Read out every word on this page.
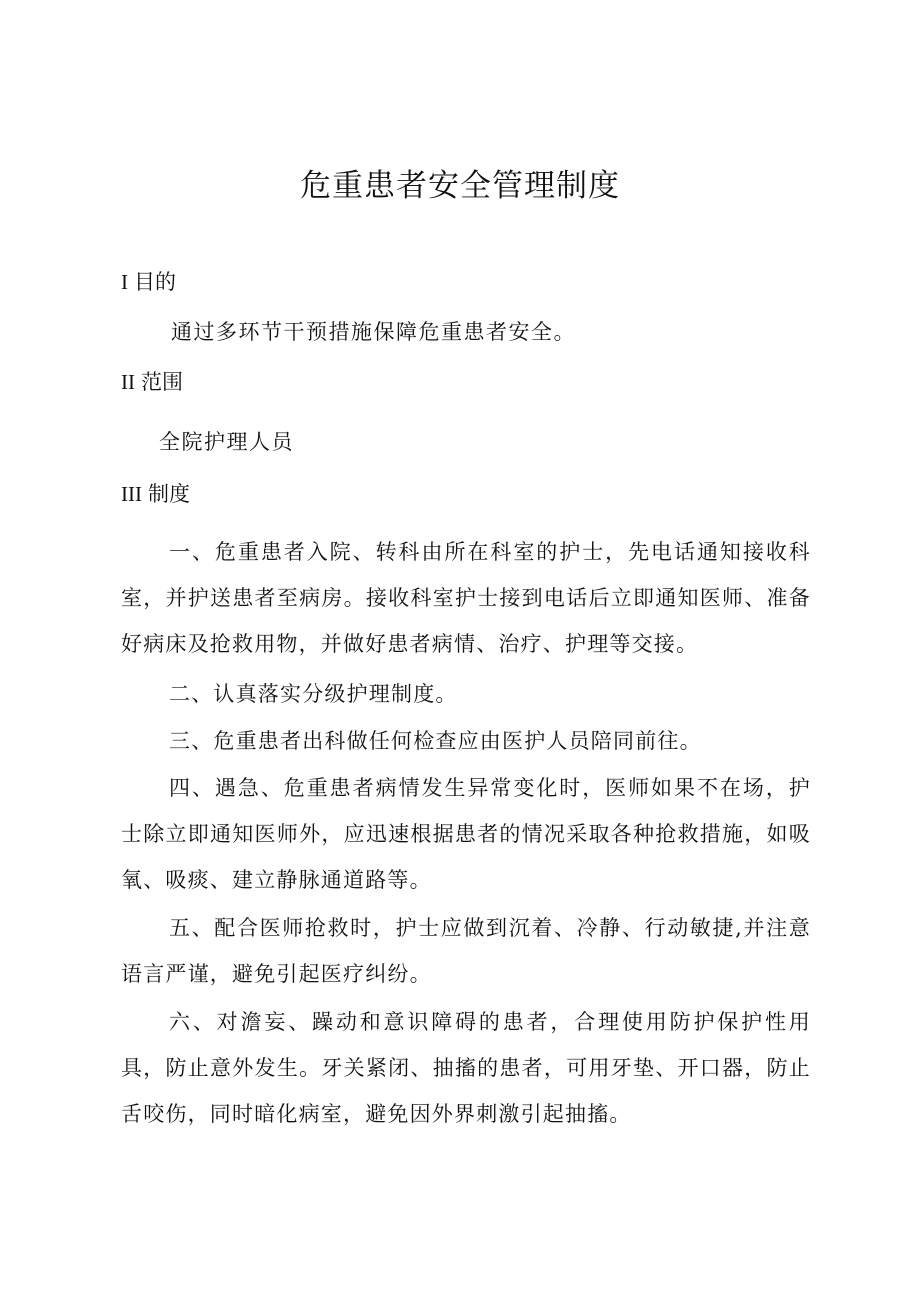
危重患者安全管理制度
I 目的

通过多环节干预措施保障危重患者安全。

II 范围

全院护理人员

III 制度

一、危重患者入院、转科由所在科室的护士，先电话通知接收科室，并护送患者至病房。接收科室护士接到电话后立即通知医师、准备好病床及抢救用物，并做好患者病情、治疗、护理等交接。

二、认真落实分级护理制度。

三、危重患者出科做任何检查应由医护人员陪同前往。

四、遇急、危重患者病情发生异常变化时，医师如果不在场，护士除立即通知医师外，应迅速根据患者的情况采取各种抢救措施，如吸氧、吸痰、建立静脉通道路等。

五、配合医师抢救时，护士应做到沉着、冷静、行动敏捷,并注意语言严谨，避免引起医疗纠纷。

六、对澹妄、躁动和意识障碍的患者，合理使用防护保护性用具，防止意外发生。牙关紧闭、抽搐的患者，可用牙垫、开口器，防止舌咬伤，同时暗化病室，避免因外界刺激引起抽搐。
